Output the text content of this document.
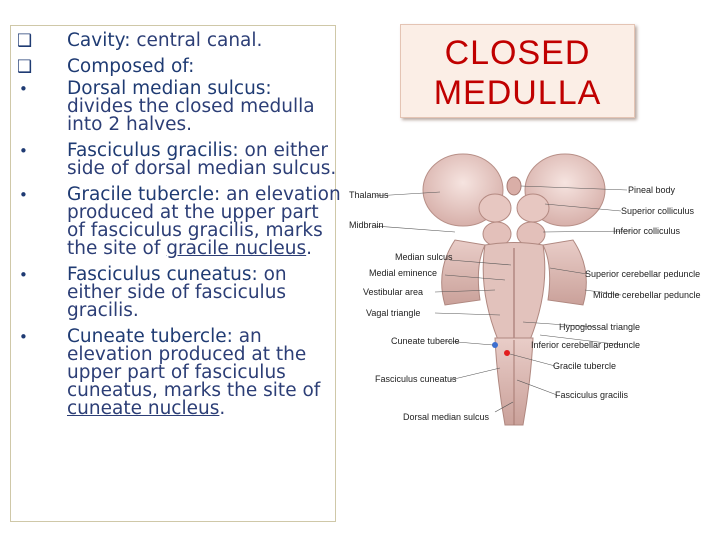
❑ Cavity: central canal.
❑ Composed of:
• Dorsal median sulcus: divides the closed medulla into 2 halves.
• Fasciculus gracilis: on either side of dorsal median sulcus.
• Gracile tubercle: an elevation produced at the upper part of fasciculus gracilis, marks the site of gracile nucleus.
• Fasciculus cuneatus: on either side of fasciculus gracilis.
• Cuneate tubercle: an elevation produced at the upper part of fasciculus cuneatus, marks the site of cuneate nucleus.
CLOSED
MEDULLA
Thalamus
Midbrain
Median sulcus
Medial eminence
Vestibular area
Vagal triangle
Cuneate tubercle
Fasciculus cuneatus
Dorsal median sulcus
Pineal body
Superior colliculus
Inferior colliculus
Superior cerebellar peduncle
Middle cerebellar peduncle
Hypoglossal triangle
Inferior cerebellar peduncle
Gracile tubercle
Fasciculus gracilis
